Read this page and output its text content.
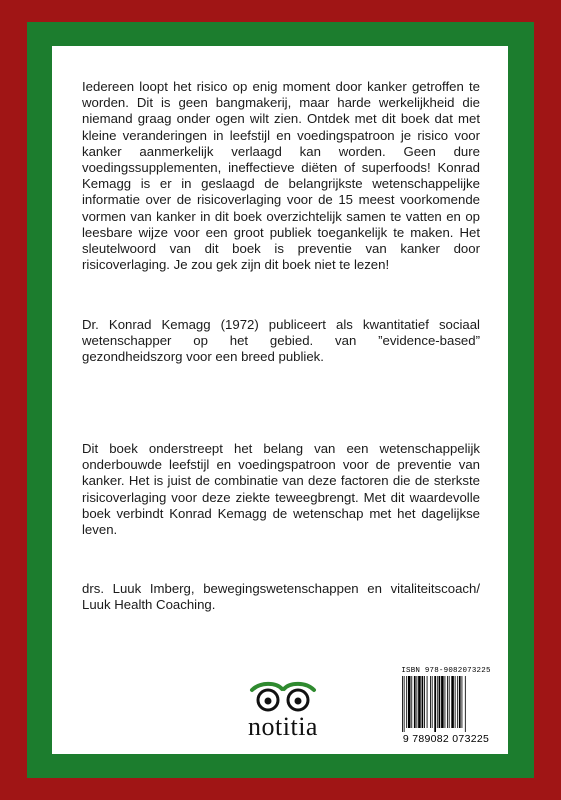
Iedereen loopt het risico op enig moment door kanker getroffen te worden. Dit is geen bangmakerij, maar harde werkelijkheid die niemand graag onder ogen wilt zien. Ontdek met dit boek dat met kleine veranderingen in leefstijl en voedingspatroon je risico voor kanker aanmerkelijk verlaagd kan worden. Geen dure voedingssupplementen, ineffectieve diëten of superfoods! Konrad Kemagg is er in geslaagd de belangrijkste wetenschappelijke informatie over de risicoverlaging voor de 15 meest voorkomende vormen van kanker in dit boek overzichtelijk samen te vatten en op leesbare wijze voor een groot publiek toegankelijk te maken. Het sleutelwoord van dit boek is preventie van kanker door risicoverlaging. Je zou gek zijn dit boek niet te lezen!
Dr. Konrad Kemagg (1972) publiceert als kwantitatief sociaal wetenschapper op het gebied. van ”evidence-based” gezondheidszorg voor een breed publiek.
Dit boek onderstreept het belang van een wetenschappelijk onderbouwde leefstijl en voedingspatroon voor de preventie van kanker. Het is juist de combinatie van deze factoren die de sterkste risicoverlaging voor deze ziekte teweegbrengt. Met dit waardevolle boek verbindt Konrad Kemagg de wetenschap met het dagelijkse leven.
drs. Luuk Imberg, bewegingswetenschappen en vitaliteitscoach/ Luuk Health Coaching.
notitia
ISBN 978-9082073225
9 789082 073225
